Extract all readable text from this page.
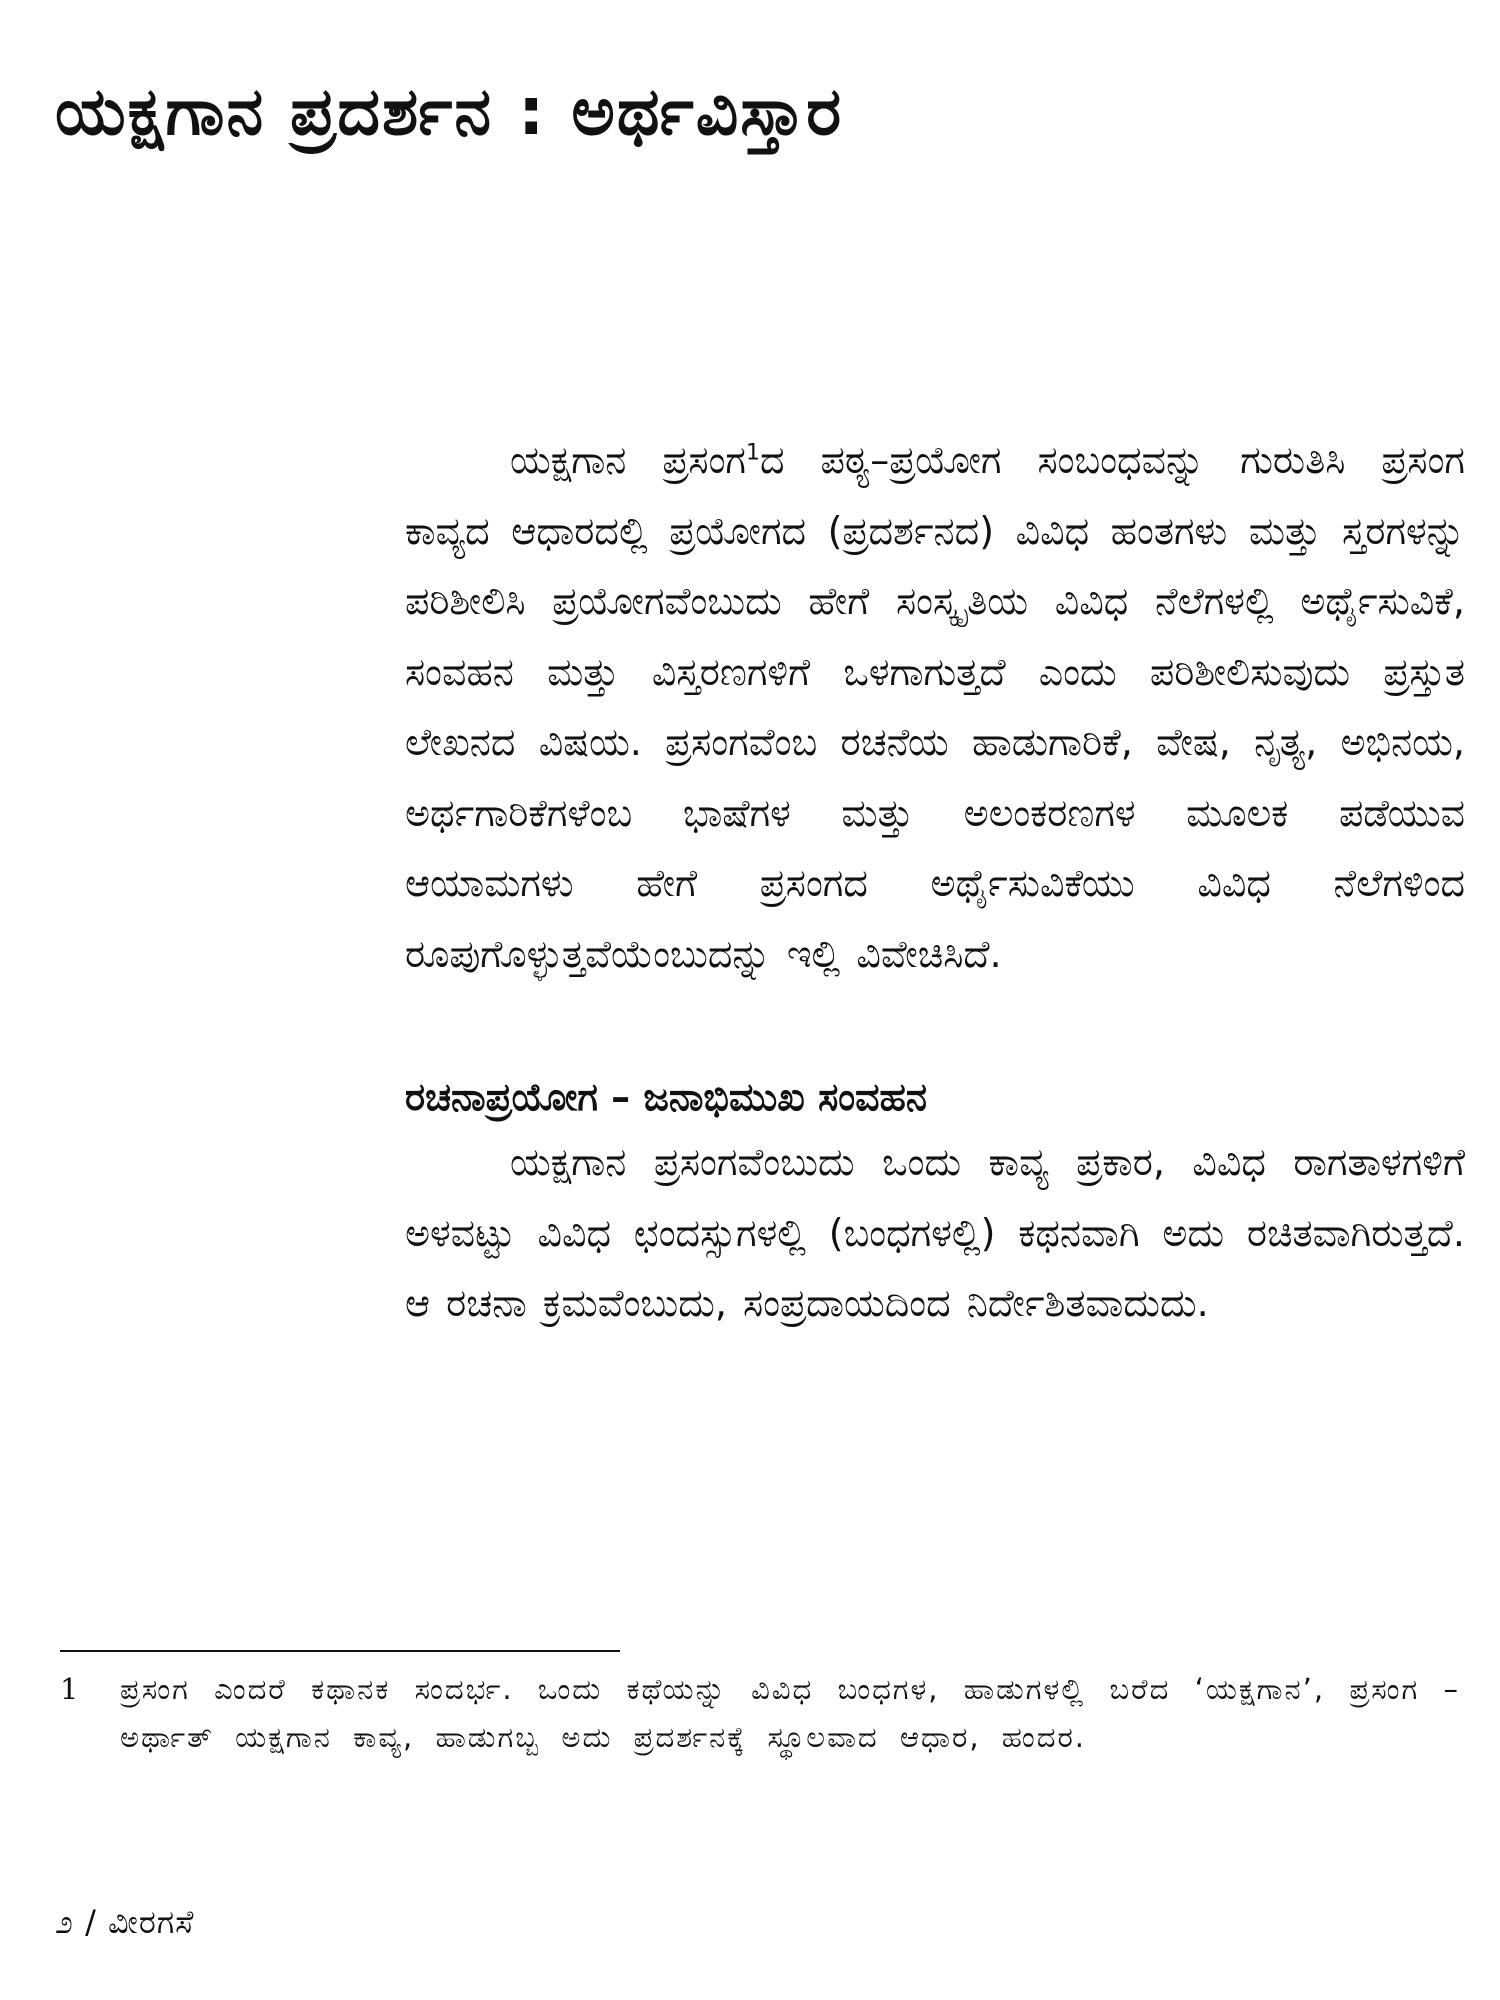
ಯಕ್ಷಗಾನ ಪ್ರದರ್ಶನ : ಅರ್ಥವಿಸ್ತಾರ

ಯಕ್ಷಗಾನ ಪ್ರಸಂಗ$^1$ದ ಪಠ್ಯ–ಪ್ರಯೋಗ ಸಂಬಂಧವನ್ನು ಗುರುತಿಸಿ ಪ್ರಸಂಗ ಕಾವ್ಯದ ಆಧಾರದಲ್ಲಿ ಪ್ರಯೋಗದ (ಪ್ರದರ್ಶನದ) ವಿವಿಧ ಹಂತಗಳು ಮತ್ತು ಸ್ತರಗಳನ್ನು ಪರಿಶೀಲಿಸಿ ಪ್ರಯೋಗವೆಂಬುದು ಹೇಗೆ ಸಂಸ್ಕೃತಿಯ ವಿವಿಧ ನೆಲೆಗಳಲ್ಲಿ ಅರ್ಥೈಸುವಿಕೆ, ಸಂವಹನ ಮತ್ತು ವಿಸ್ತರಣಗಳಿಗೆ ಒಳಗಾಗುತ್ತದೆ ಎಂದು ಪರಿಶೀಲಿಸುವುದು ಪ್ರಸ್ತುತ ಲೇಖನದ ವಿಷಯ. ಪ್ರಸಂಗವೆಂಬ ರಚನೆಯ ಹಾಡುಗಾರಿಕೆ, ವೇಷ, ನೃತ್ಯ, ಅಭಿನಯ, ಅರ್ಥಗಾರಿಕೆಗಳೆಂಬ ಭಾಷೆಗಳ ಮತ್ತು ಅಲಂಕರಣಗಳ ಮೂಲಕ ಪಡೆಯುವ ಆಯಾಮಗಳು ಹೇಗೆ ಪ್ರಸಂಗದ ಅರ್ಥೈಸುವಿಕೆಯು ವಿವಿಧ ನೆಲೆಗಳಿಂದ ರೂಪುಗೊಳ್ಳುತ್ತವೆಯೆಂಬುದನ್ನು ಇಲ್ಲಿ ವಿವೇಚಿಸಿದೆ.

ರಚನಾಪ್ರಯೋಗ – ಜನಾಭಿಮುಖ ಸಂವಹನ

ಯಕ್ಷಗಾನ ಪ್ರಸಂಗವೆಂಬುದು ಒಂದು ಕಾವ್ಯ ಪ್ರಕಾರ, ವಿವಿಧ ರಾಗತಾಳಗಳಿಗೆ ಅಳವಟ್ಟು ವಿವಿಧ ಛಂದಸ್ಸುಗಳಲ್ಲಿ (ಬಂಧಗಳಲ್ಲಿ) ಕಥನವಾಗಿ ಅದು ರಚಿತವಾಗಿರುತ್ತದೆ. ಆ ರಚನಾ ಕ್ರಮವೆಂಬುದು, ಸಂಪ್ರದಾಯದಿಂದ ನಿರ್ದೇಶಿತವಾದುದು.

1	ಪ್ರಸಂಗ ಎಂದರೆ ಕಥಾನಕ ಸಂದರ್ಭ. ಒಂದು ಕಥೆಯನ್ನು ವಿವಿಧ ಬಂಧಗಳ, ಹಾಡುಗಳಲ್ಲಿ ಬರೆದ ‘ಯಕ್ಷಗಾನ’, ಪ್ರಸಂಗ – ಅರ್ಥಾತ್ ಯಕ್ಷಗಾನ ಕಾವ್ಯ, ಹಾಡುಗಬ್ಬ ಅದು ಪ್ರದರ್ಶನಕ್ಕೆ ಸ್ಥೂಲವಾದ ಆಧಾರ, ಹಂದರ.
೨ / ವೀರಗಸೆ
